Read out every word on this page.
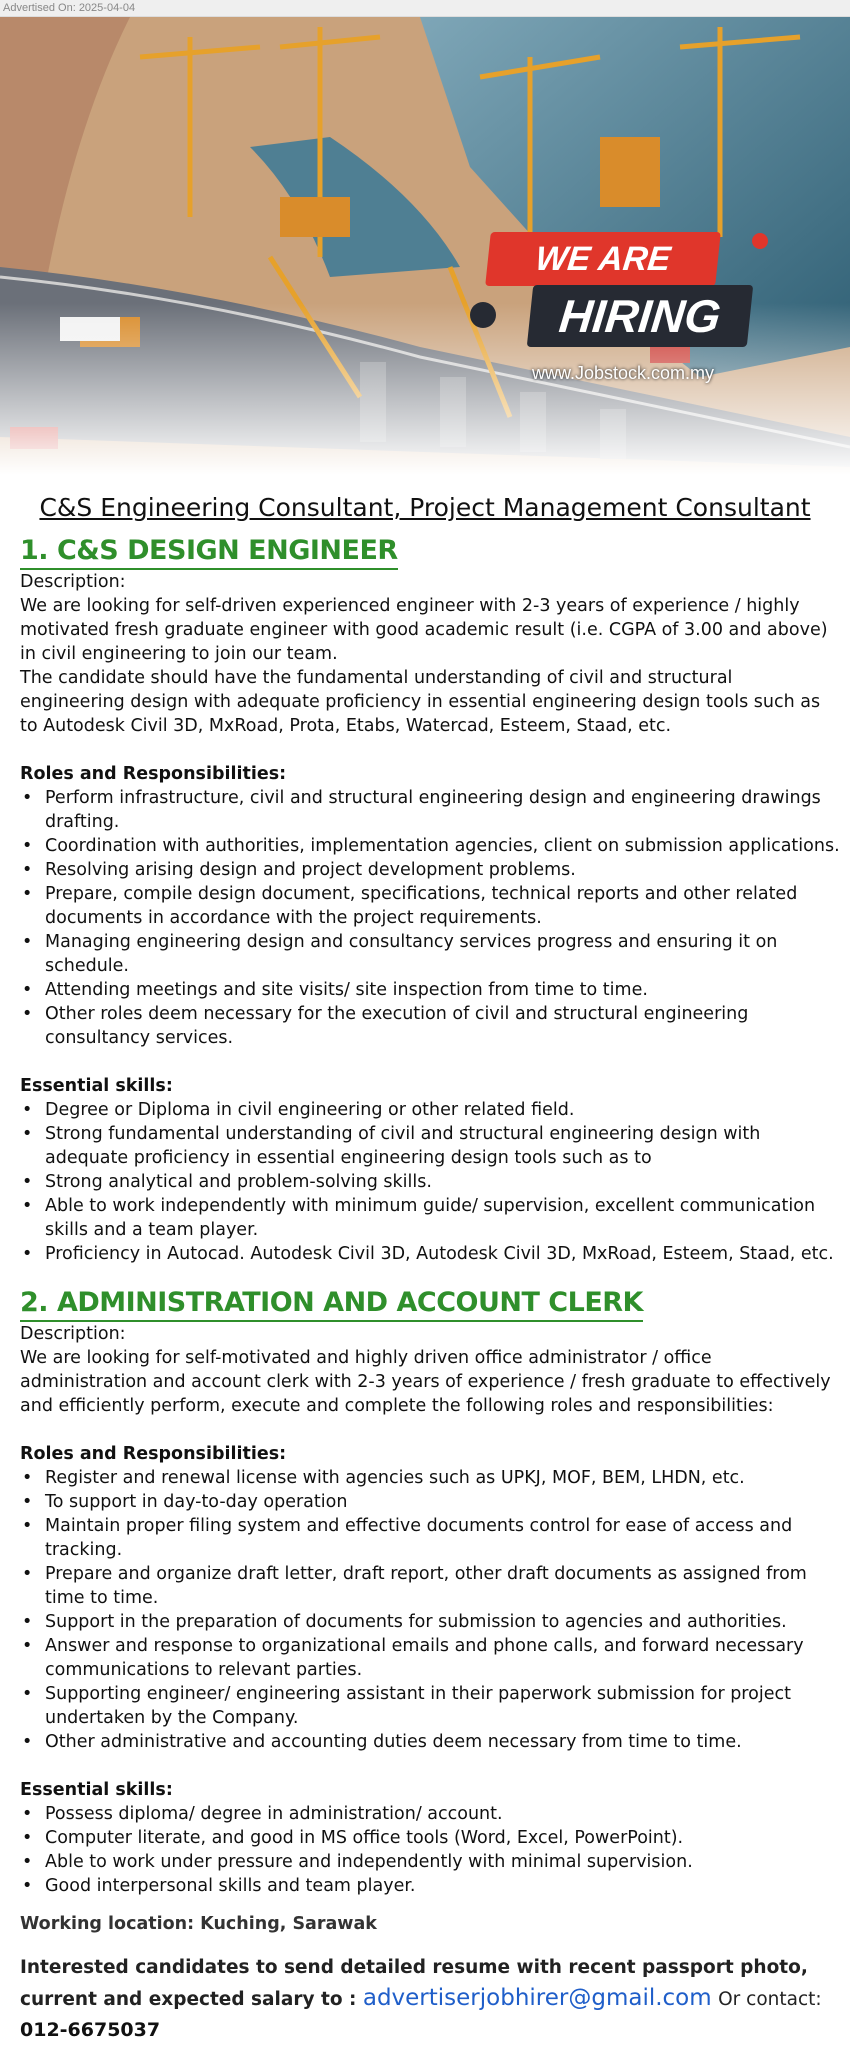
Advertised On: 2025-04-04
WE ARE
HIRING
www.Jobstock.com.my
C&S Engineering Consultant, Project Management Consultant
1. C&S DESIGN ENGINEER
Description:

We are looking for self-driven experienced engineer with 2-3 years of experience / highly motivated fresh graduate engineer with good academic result (i.e. CGPA of 3.00 and above) in civil engineering to join our team.

The candidate should have the fundamental understanding of civil and structural engineering design with adequate proficiency in essential engineering design tools such as to Autodesk Civil 3D, MxRoad, Prota, Etabs, Watercad, Esteem, Staad, etc.

Roles and Responsibilities:
• Perform infrastructure, civil and structural engineering design and engineering drawings drafting.
• Coordination with authorities, implementation agencies, client on submission applications.
• Resolving arising design and project development problems.
• Prepare, compile design document, specifications, technical reports and other related documents in accordance with the project requirements.
• Managing engineering design and consultancy services progress and ensuring it on schedule.
• Attending meetings and site visits/ site inspection from time to time.
• Other roles deem necessary for the execution of civil and structural engineering consultancy services.
Essential skills:
• Degree or Diploma in civil engineering or other related field.
• Strong fundamental understanding of civil and structural engineering design with adequate proficiency in essential engineering design tools such as to
• Strong analytical and problem-solving skills.
• Able to work independently with minimum guide/ supervision, excellent communication skills and a team player.
• Proficiency in Autocad. Autodesk Civil 3D, Autodesk Civil 3D, MxRoad, Esteem, Staad, etc.
2. ADMINISTRATION AND ACCOUNT CLERK
Description:

We are looking for self-motivated and highly driven office administrator / office administration and account clerk with 2-3 years of experience / fresh graduate to effectively and efficiently perform, execute and complete the following roles and responsibilities:

Roles and Responsibilities:
• Register and renewal license with agencies such as UPKJ, MOF, BEM, LHDN, etc.
• To support in day-to-day operation
• Maintain proper filing system and effective documents control for ease of access and tracking.
• Prepare and organize draft letter, draft report, other draft documents as assigned from time to time.
• Support in the preparation of documents for submission to agencies and authorities.
• Answer and response to organizational emails and phone calls, and forward necessary communications to relevant parties.
• Supporting engineer/ engineering assistant in their paperwork submission for project undertaken by the Company.
• Other administrative and accounting duties deem necessary from time to time.
Essential skills:
• Possess diploma/ degree in administration/ account.
• Computer literate, and good in MS office tools (Word, Excel, PowerPoint).
• Able to work under pressure and independently with minimal supervision.
• Good interpersonal skills and team player.
Working location: Kuching, Sarawak
Interested candidates to send detailed resume with recent passport photo, current and expected salary to : advertiserjobhirer@gmail.com Or contact: 012-6675037
